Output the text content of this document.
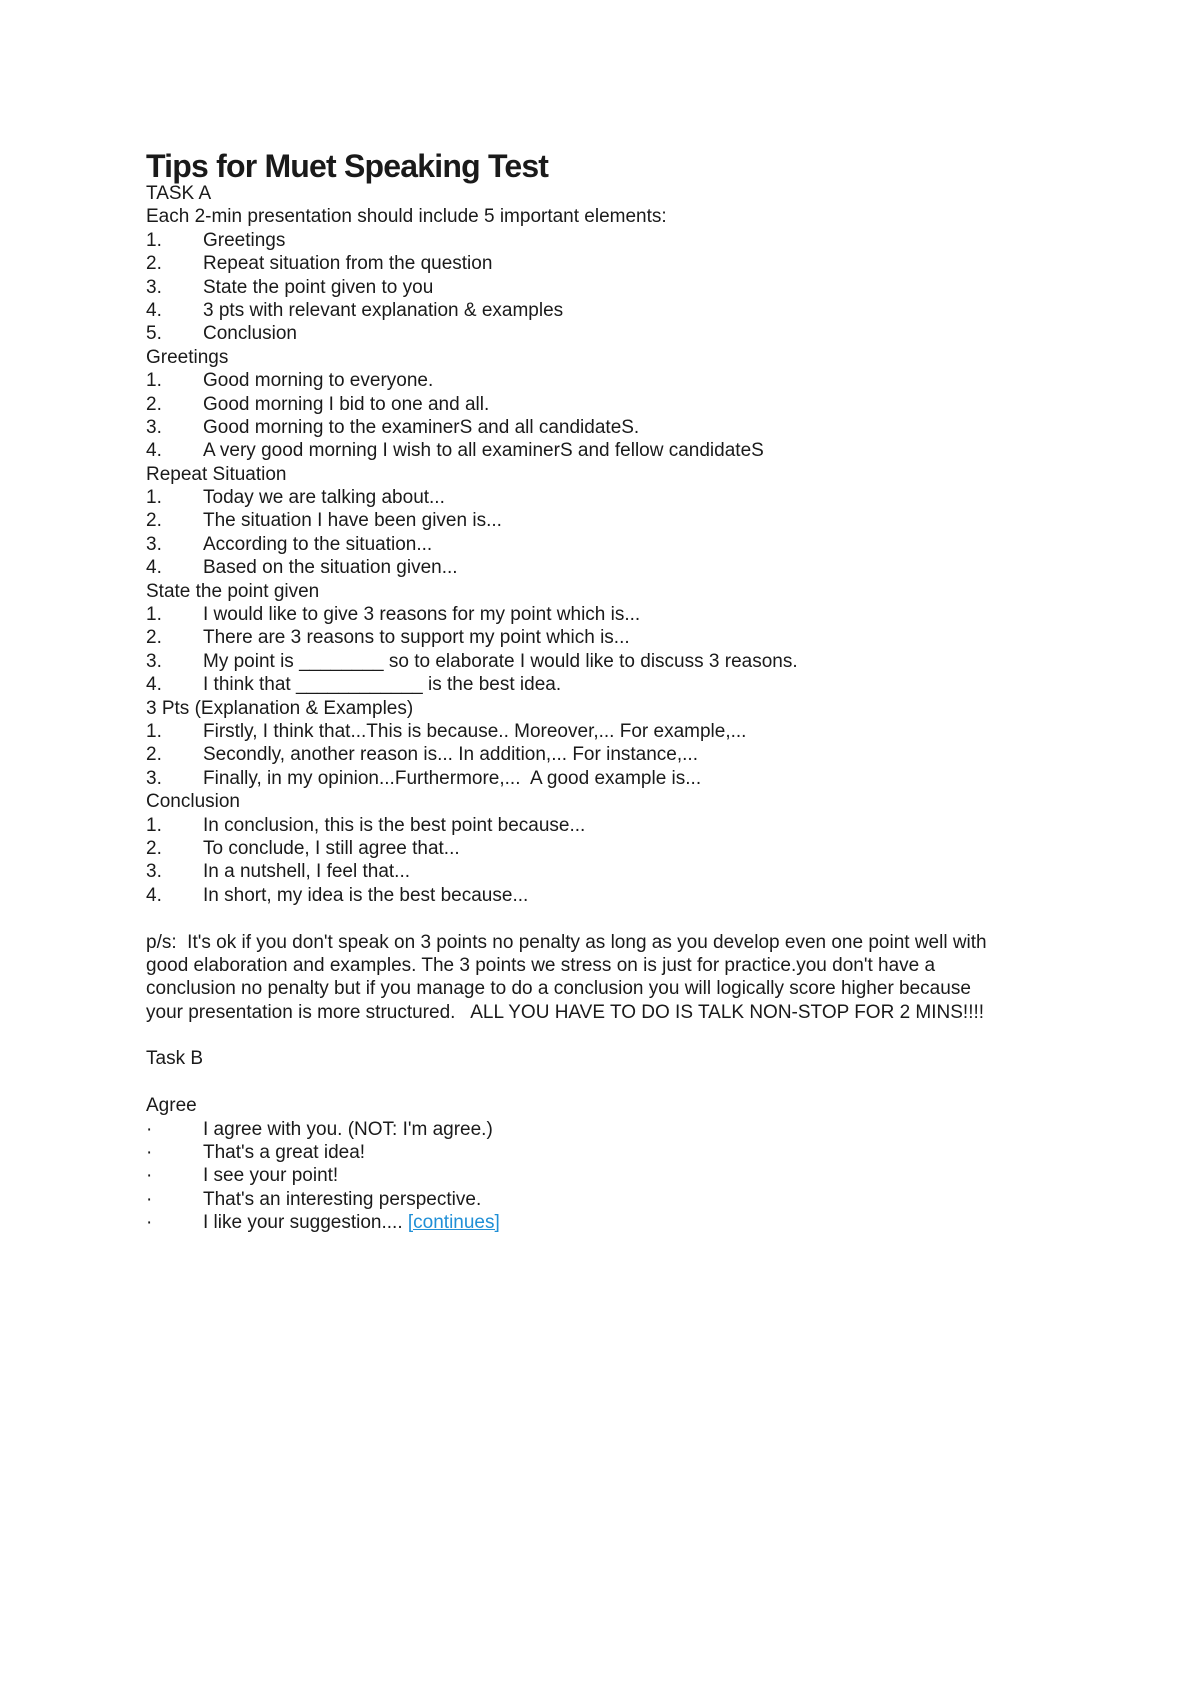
Tips for Muet Speaking Test

TASK A

Each 2-min presentation should include 5 important elements:

1.	Greetings
2.	Repeat situation from the question
3.	State the point given to you
4.	3 pts with relevant explanation & examples
5.	Conclusion

Greetings

1.	Good morning to everyone.
2.	Good morning I bid to one and all.
3.	Good morning to the examinerS and all candidateS.
4.	A very good morning I wish to all examinerS and fellow candidateS

Repeat Situation

1.	Today we are talking about...
2.	The situation I have been given is...
3.	According to the situation...
4.	Based on the situation given...

State the point given

1.	I would like to give 3 reasons for my point which is...
2.	There are 3 reasons to support my point which is...
3.	My point is ________ so to elaborate I would like to discuss 3 reasons.
4.	I think that ____________ is the best idea.

3 Pts (Explanation & Examples)

1.	Firstly, I think that...This is because.. Moreover,... For example,...
2.	Secondly, another reason is... In addition,... For instance,...
3.	Finally, in my opinion...Furthermore,...  A good example is...

Conclusion

1.	In conclusion, this is the best point because...
2.	To conclude, I still agree that...
3.	In a nutshell, I feel that...
4.	In short, my idea is the best because...

p/s:  It's ok if you don't speak on 3 points no penalty as long as you develop even one point well with

good elaboration and examples. The 3 points we stress on is just for practice.you don't have a

conclusion no penalty but if you manage to do a conclusion you will logically score higher because

your presentation is more structured.   ALL YOU HAVE TO DO IS TALK NON-STOP FOR 2 MINS!!!!

Task B

Agree

·	I agree with you. (NOT: I'm agree.)
·	That's a great idea!
·	I see your point!
·	That's an interesting perspective.
·	I like your suggestion.... [continues]
